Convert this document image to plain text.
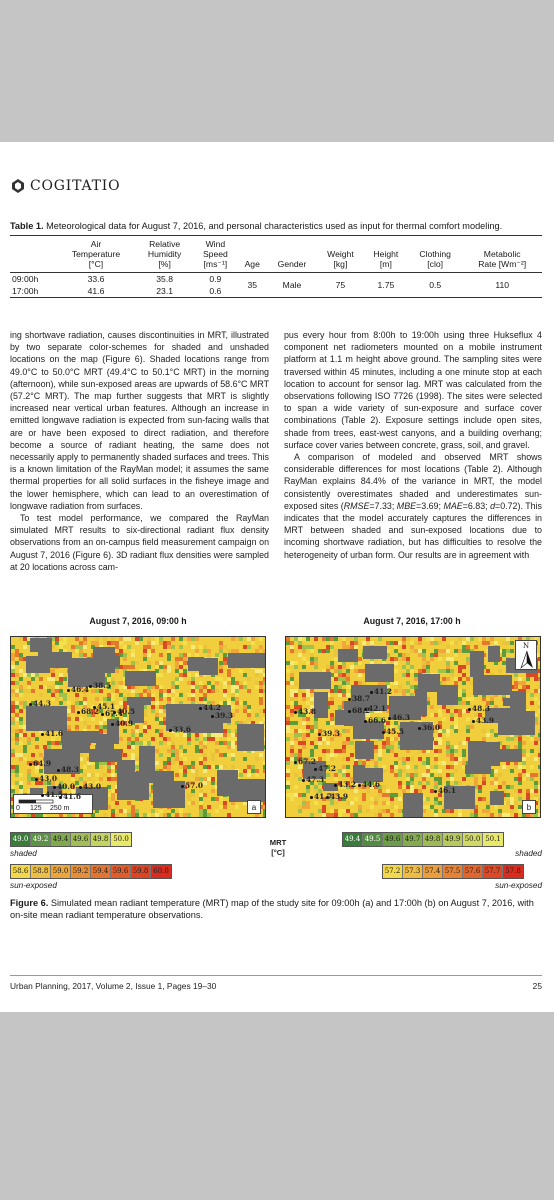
COGITATIO
Table 1. Meteorological data for August 7, 2016, and personal characteristics used as input for thermal comfort modeling.
	Air
Temperature
[°C]	Relative
Humidity
[%]	Wind
Speed
[ms⁻¹]	Age	Gender	Weight
[kg]	Height
[m]	Clothing
[clo]	Metabolic
Rate [Wm⁻²]
09:00h	33.6	35.8	0.9	35	Male	75	1.75	0.5	110
17:00h	41.6	23.1	0.6						

ing shortwave radiation, causes discontinuities in MRT, illustrated by two separate color-schemes for shaded and unshaded locations on the map (Figure 6). Shaded locations range from 49.0°C to 50.0°C MRT (49.4°C to 50.1°C MRT) in the morning (afternoon), while sun-exposed areas are upwards of 58.6°C MRT (57.2°C MRT). The map further suggests that MRT is slightly increased near vertical urban features. Although an increase in emitted longwave radiation is expected from sun-facing walls that are or have been exposed to direct radiation, and therefore become a source of radiant heating, the same does not necessarily apply to permanently shaded surfaces and trees. This is a known limitation of the RayMan model; it assumes the same thermal properties for all solid surfaces in the fisheye image and the lower hemisphere, which can lead to an overestimation of longwave radiation from surfaces.

To test model performance, we compared the RayMan simulated MRT results to six-directional radiant flux density observations from an on-campus field measurement campaign on August 7, 2016 (Figure 6). 3D radiant flux densities were sampled at 20 locations across cam-

pus every hour from 8:00h to 19:00h using three Hukseflux 4 component net radiometers mounted on a mobile instrument platform at 1.1 m height above ground. The sampling sites were traversed within 45 minutes, including a one minute stop at each location to account for sensor lag. MRT was calculated from the observations following ISO 7726 (1998). The sites were selected to span a wide variety of sun-exposure and surface cover combinations (Table 2). Exposure settings include open sites, shade from trees, east-west canyons, and a building overhang; surface cover varies between concrete, grass, soil, and gravel.

A comparison of modeled and observed MRT shows considerable differences for most locations (Table 2). Although RayMan explains 84.4% of the variance in MRT, the model consistently overestimates shaded and underestimates sun-exposed sites (RMSE=7.33; MBE=3.69; MAE=6.83; d=0.72). This indicates that the model accurately captures the differences in MRT between shaded and sun-exposed locations due to incoming shortwave radiation, but has difficulties to resolve the heterogeneity of urban form. Our results are in agreement with

August 7, 2016, 09:00 h	August 7, 2016, 17:00 h
0 125 250 m	a
46.4 38.5
44.3
68.2
45.1
67.4
40.5
40.9
44.2
39.3
41.6	33.6
64.9
48.3
43.0
40.0	43.0
41.5 41.6
57.0
N
b
41.2
38.7
43.8	68.2
42.1
66.6 46.3
45.5
39.3
36.0
48.3
43.9
67.2
47.2
47.3
43.2 44.6
41.7
43.9
46.1
49.0 49.2 49.4 49.6 49.8 50.0
shaded
58.6 58.8 59.0 59.2 59.4 59.6 59.8 60.0
sun-exposed
MRT
[°C]
49.4 49.5 49.6 49.7 49.8 49.9 50.0 50.1
shaded
57.2 57.3 57.4 57.5 57.6 57.7 57.8
sun-exposed
Figure 6. Simulated mean radiant temperature (MRT) map of the study site for 09:00h (a) and 17:00h (b) on August 7, 2016, with on-site mean radiant temperature observations.
Urban Planning, 2017, Volume 2, Issue 1, Pages 19–30	25
